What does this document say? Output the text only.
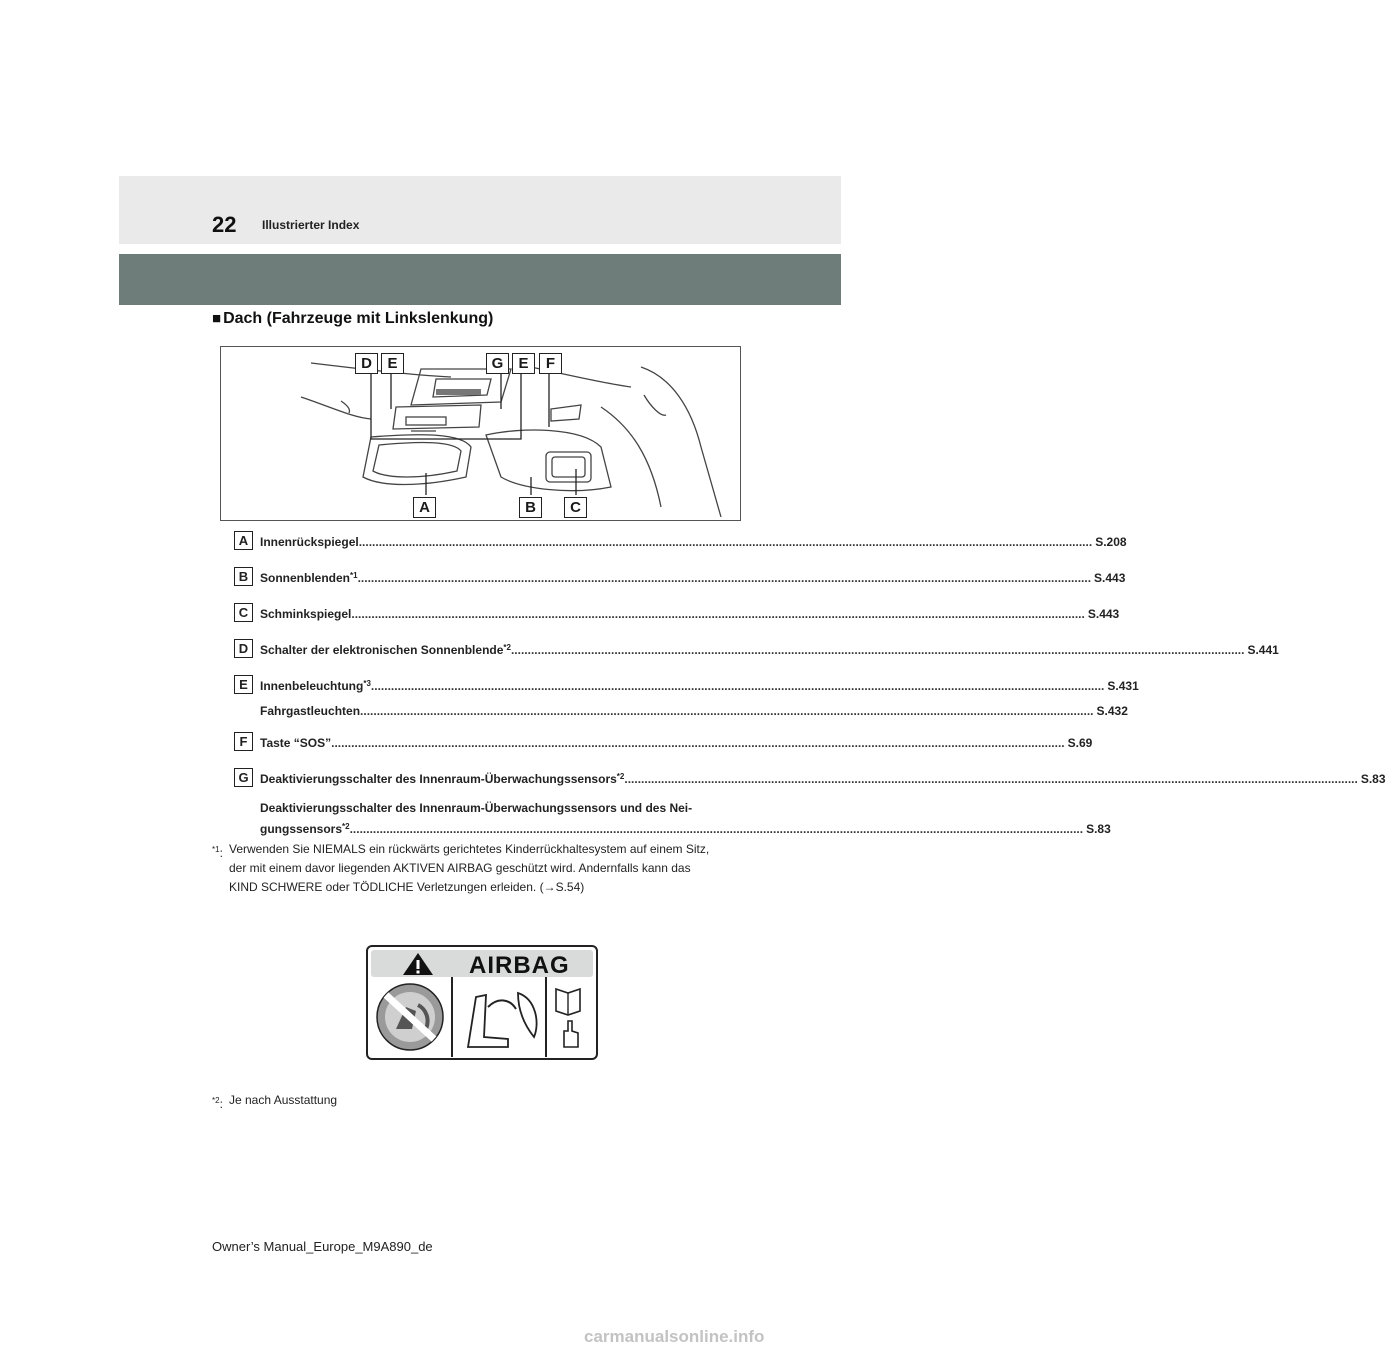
22 Illustrierter Index
■ Dach (Fahrzeuge mit Linkslenkung)
D	E	G	E	F
A	B	C
A Innenrückspiegel ............................................................................................................................................................................................................................ S.208
B Sonnenblenden *1 ............................................................................................................................................................................................................................ S.443
C Schminkspiegel ............................................................................................................................................................................................................................ S.443
D Schalter der elektronischen Sonnenblende *2 ............................................................................................................................................................................................................................ S.441
E	Innenbeleuchtung *3 ............................................................................................................................................................................................................................ S.431
Fahrgastleuchten ............................................................................................................................................................................................................................ S.432
F	Taste “SOS” ............................................................................................................................................................................................................................ S.69
G Deaktivierungsschalter des Innenraum-Überwachungssensors *2 ............................................................................................................................................................................................................................ S.83
Deaktivierungsschalter des Innenraum-Überwachungssensors und des Nei-
gungssensors *2 ............................................................................................................................................................................................................................ S.83
$^{*1}$: Verwenden Sie NIEMALS ein rückwärts gerichtetes Kinderrückhaltesystem auf einem Sitz,
der mit einem davor liegenden AKTIVEN AIRBAG geschützt wird. Andernfalls kann das
KIND SCHWERE oder TÖDLICHE Verletzungen erleiden. (→S.54)
AIRBAG
$^{*2}$: Je nach Ausstattung
Owner’s Manual_Europe_M9A890_de
carmanualsonline.info
